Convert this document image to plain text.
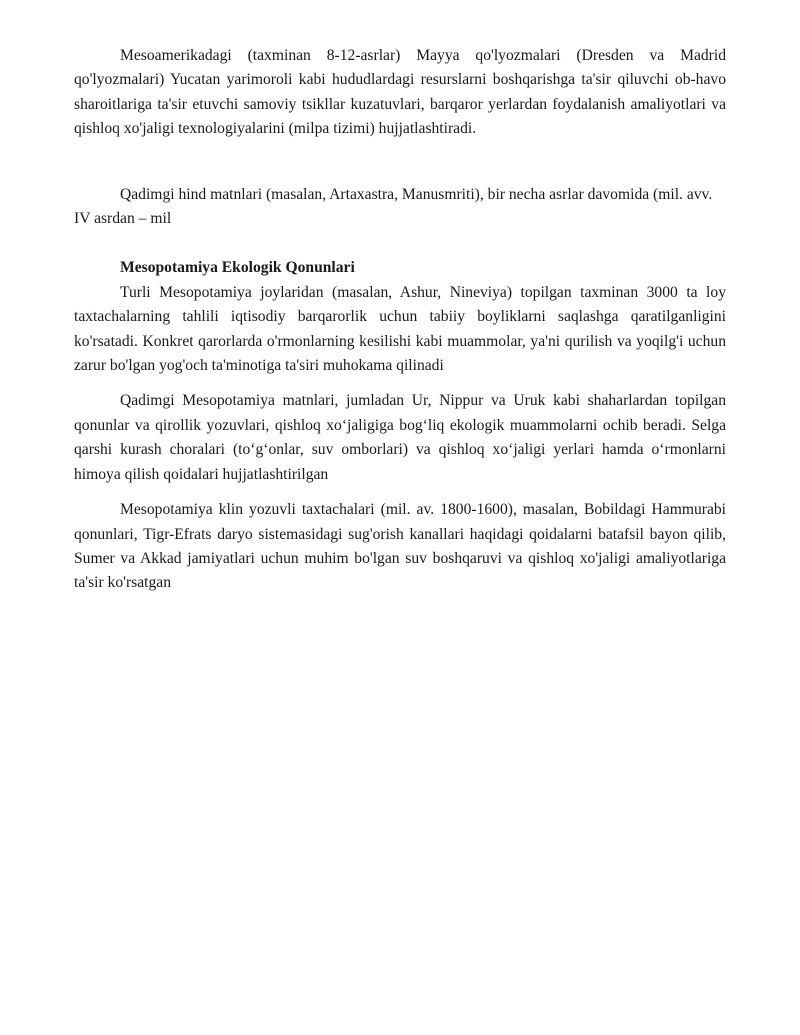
Mesoamerikadagi (taxminan 8-12-asrlar) Mayya qo'lyozmalari (Dresden va Madrid qo'lyozmalari) Yucatan yarimoroli kabi hududlardagi resurslarni boshqarishga ta'sir qiluvchi ob-havo sharoitlariga ta'sir etuvchi samoviy tsikllar kuzatuvlari, barqaror yerlardan foydalanish amaliyotlari va qishloq xo'jaligi texnologiyalarini (milpa tizimi) hujjatlashtiradi.

Qadimgi hind matnlari (masalan, Artaxastra, Manusmriti), bir necha asrlar davomida (mil. avv. IV asrdan – mil

Mesopotamiya Ekologik Qonunlari

Turli Mesopotamiya joylaridan (masalan, Ashur, Nineviya) topilgan taxminan 3000 ta loy taxtachalarning tahlili iqtisodiy barqarorlik uchun tabiiy boyliklarni saqlashga qaratilganligini ko'rsatadi. Konkret qarorlarda o'rmonlarning kesilishi kabi muammolar, ya'ni qurilish va yoqilg'i uchun zarur bo'lgan yog'och ta'minotiga ta'siri muhokama qilinadi

Qadimgi Mesopotamiya matnlari, jumladan Ur, Nippur va Uruk kabi shaharlardan topilgan qonunlar va qirollik yozuvlari, qishloq xo‘jaligiga bog‘liq ekologik muammolarni ochib beradi. Selga qarshi kurash choralari (to‘g‘onlar, suv omborlari) va qishloq xo‘jaligi yerlari hamda o‘rmonlarni himoya qilish qoidalari hujjatlashtirilgan

Mesopotamiya klin yozuvli taxtachalari (mil. av. 1800-1600), masalan, Bobildagi Hammurabi qonunlari, Tigr-Efrats daryo sistemasidagi sug'orish kanallari haqidagi qoidalarni batafsil bayon qilib, Sumer va Akkad jamiyatlari uchun muhim bo'lgan suv boshqaruvi va qishloq xo'jaligi amaliyotlariga ta'sir ko'rsatgan
